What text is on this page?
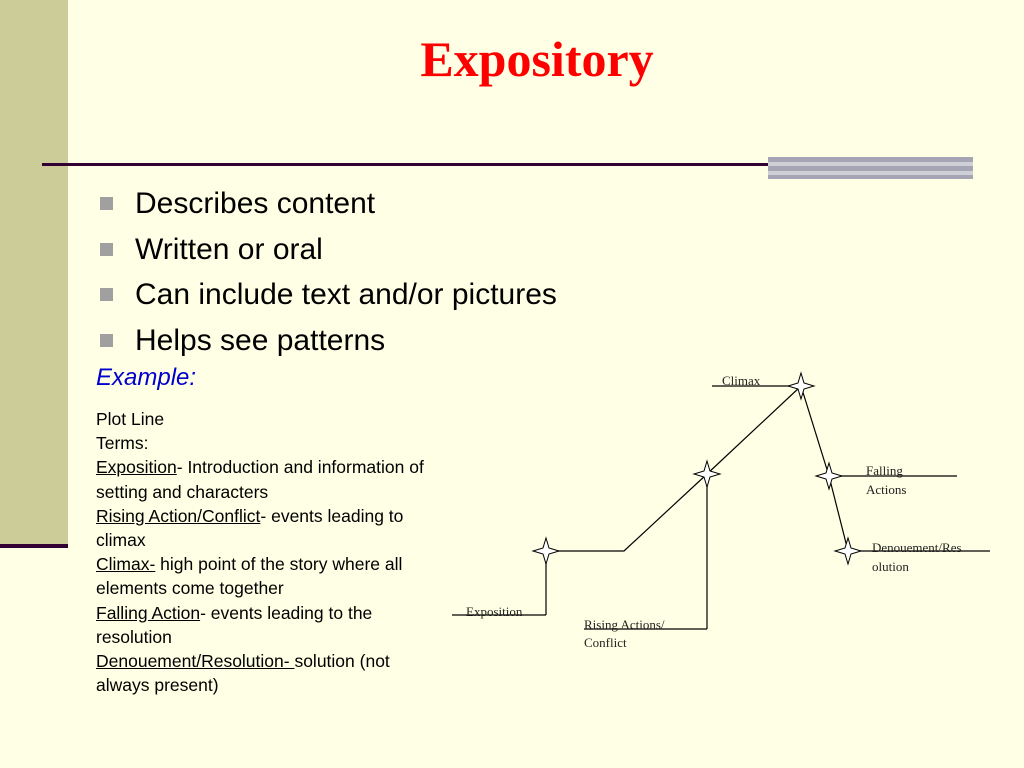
Expository
Describes content
Written or oral
Can include text and/or pictures
Helps see patterns
Example:
Plot Line
Terms:
Exposition- Introduction and information of setting and characters
Rising Action/Conflict- events leading to climax
Climax- high point of the story where all elements come together
Falling Action- events leading to the resolution
Denouement/Resolution- solution (not always present)
Climax
Falling
Actions
Denouement/Res
olution
Exposition
Rising Actions/
Conflict
